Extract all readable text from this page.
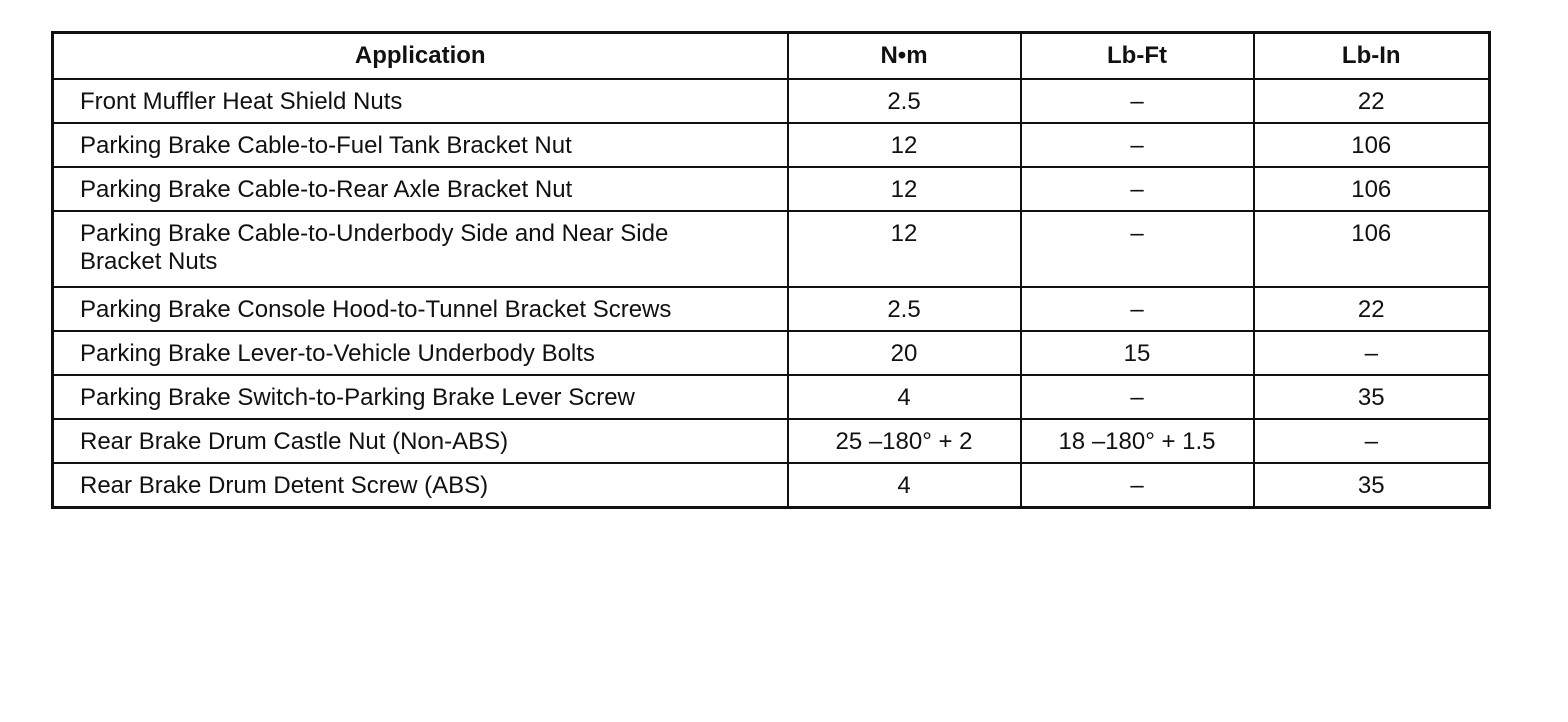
Application	N•m	Lb-Ft	Lb-In
Front Muffler Heat Shield Nuts	2.5	–	22
Parking Brake Cable-to-Fuel Tank Bracket Nut	12	–	106
Parking Brake Cable-to-Rear Axle Bracket Nut	12	–	106

Parking Brake Cable-to-Underbody Side and Near Side
Bracket Nuts	12	–	106
Parking Brake Console Hood-to-Tunnel Bracket Screws	2.5	–	22
Parking Brake Lever-to-Vehicle Underbody Bolts	20	15	–
Parking Brake Switch-to-Parking Brake Lever Screw	4	–	35
Rear Brake Drum Castle Nut (Non-ABS)	25 –180° + 2	18 –180° + 1.5	–
Rear Brake Drum Detent Screw (ABS)	4	–	35
